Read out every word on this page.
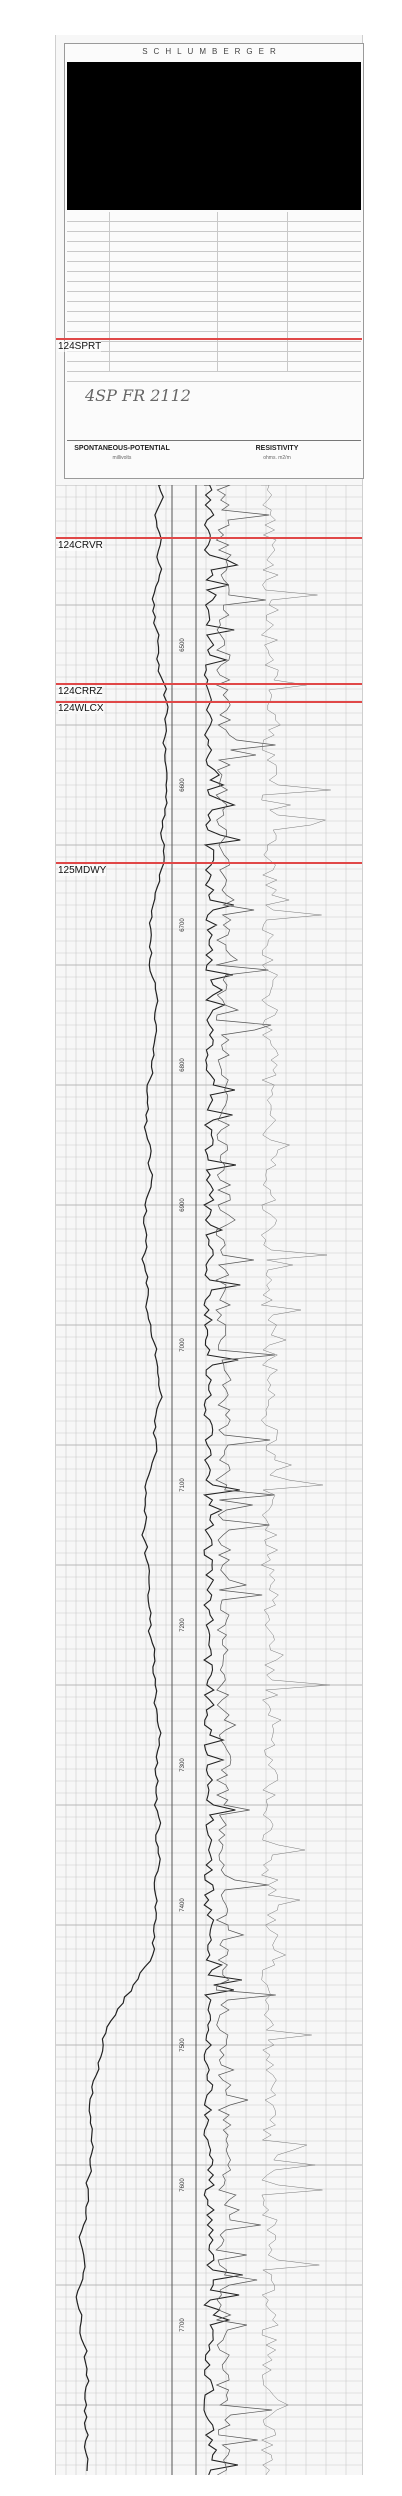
SCHLUMBERGER
4SP FR 2112
SPONTANEOUS-POTENTIAL
millivolts
RESISTIVITY
ohms. m2/m
6500
6600
6700
6800
6900
7000
7100
7200
7300
7400
7500
7600
7700
124SPRT
124CRVR
124CRRZ
124WLCX
125MDWY
